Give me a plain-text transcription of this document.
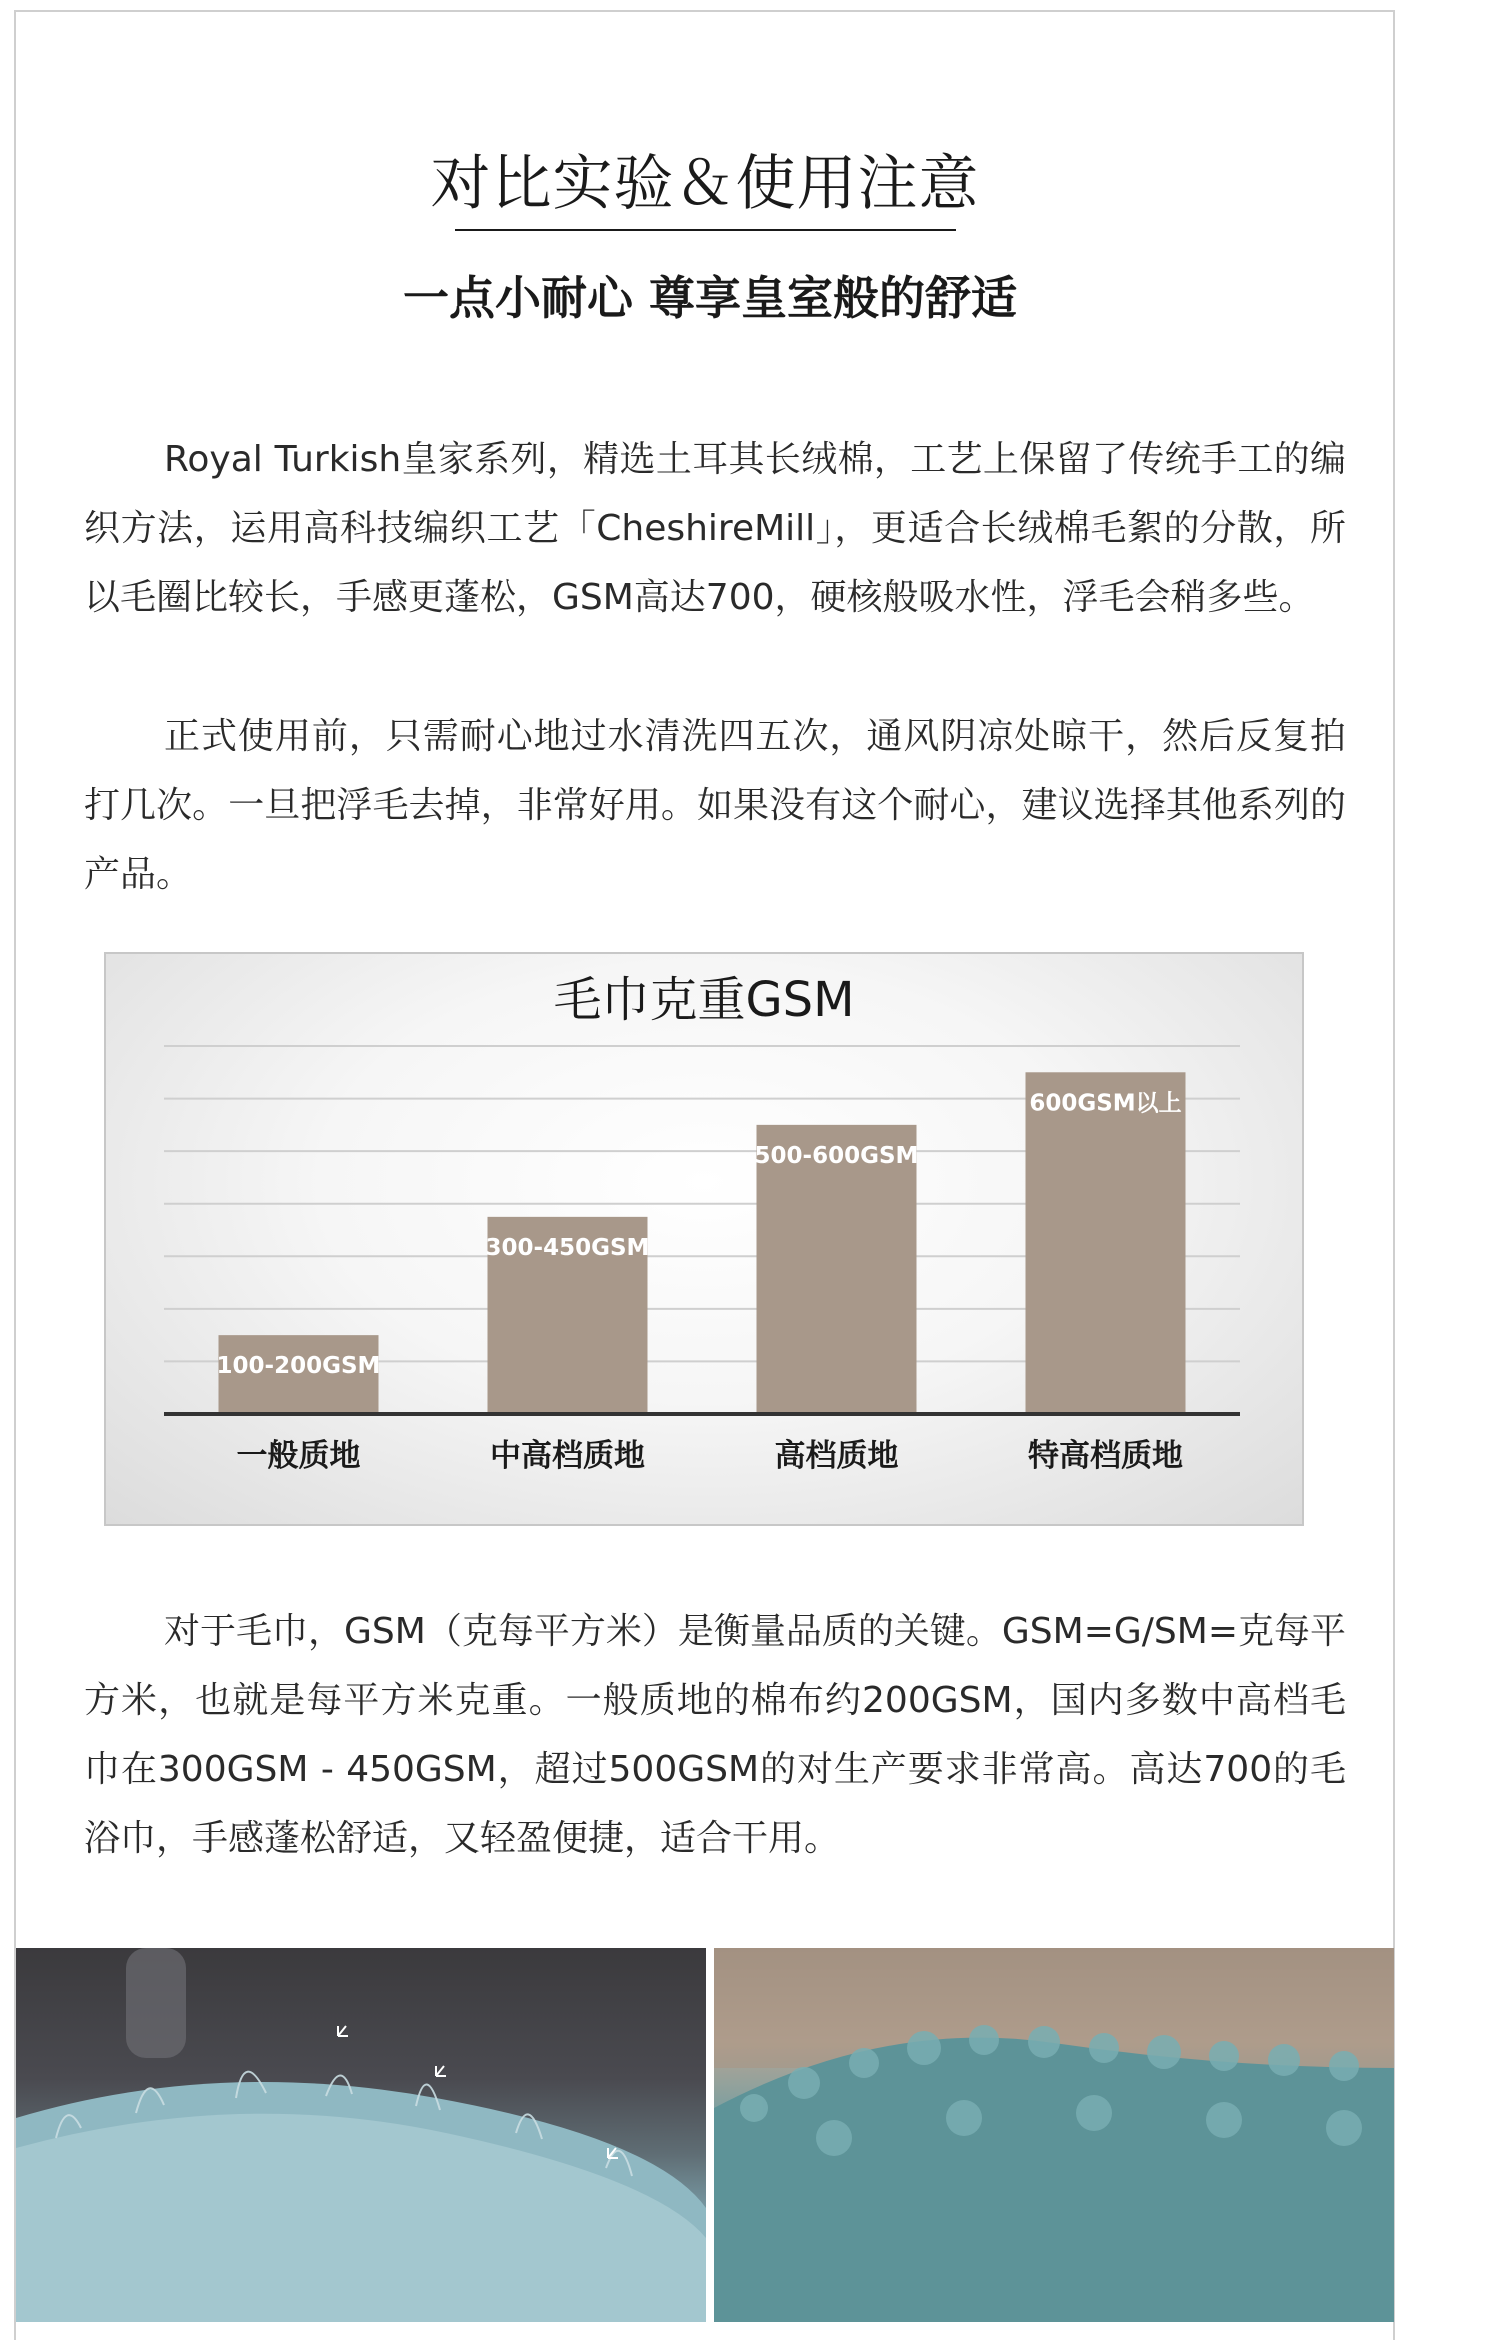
对比实验＆使用注意
一点小耐心 尊享皇室般的舒适

Royal Turkish皇家系列，精选土耳其长绒棉，工艺上保留了传统手工的编织方法，运用高科技编织工艺「CheshireMill」，更适合长绒棉毛絮的分散，所以毛圈比较长，手感更蓬松，GSM高达700，硬核般吸水性，浮毛会稍多些。

正式使用前，只需耐心地过水清洗四五次，通风阴凉处晾干，然后反复拍打几次。一旦把浮毛去掉，非常好用。如果没有这个耐心，建议选择其他系列的产品。

毛巾克重GSM
100-200GSM
一般质地
300-450GSM
中高档质地
500-600GSM
高档质地
600GSM以上
特高档质地

对于毛巾，GSM（克每平方米）是衡量品质的关键。GSM=G/SM=克每平方米，也就是每平方米克重。一般质地的棉布约200GSM，国内多数中高档毛巾在300GSM - 450GSM，超过500GSM的对生产要求非常高。高达700的毛浴巾，手感蓬松舒适，又轻盈便捷，适合干用。
